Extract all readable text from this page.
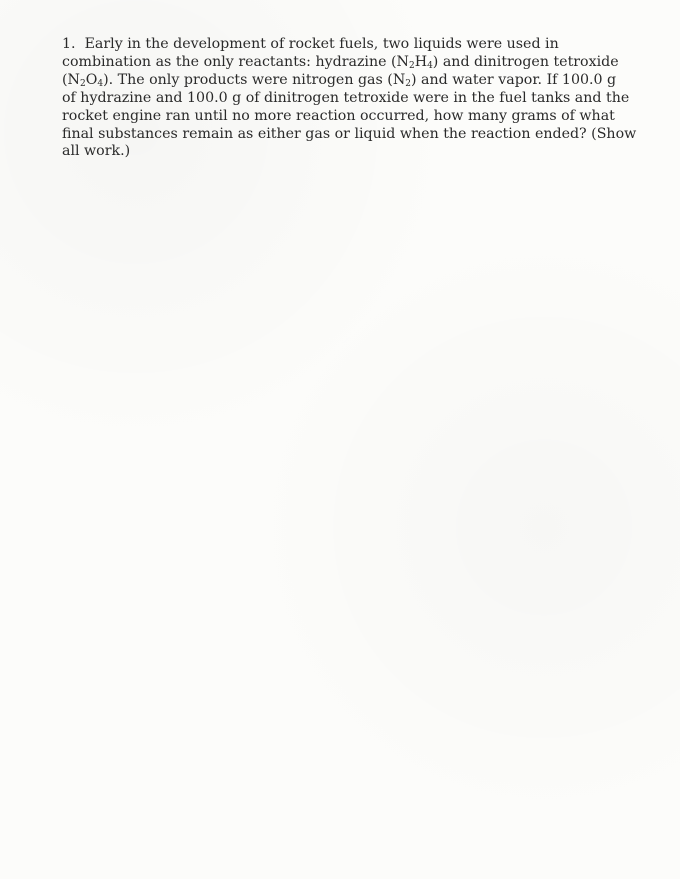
1. Early in the development of rocket fuels, two liquids were used in
combination as the only reactants: hydrazine $(N_2H_4)$ and dinitrogen tetroxide
$(N_2O_4)$. The only products were nitrogen gas $(N_2)$ and water vapor. If 100.0 g
of hydrazine and 100.0 g of dinitrogen tetroxide were in the fuel tanks and the
rocket engine ran until no more reaction occurred, how many grams of what
final substances remain as either gas or liquid when the reaction ended? (Show
all work.)
